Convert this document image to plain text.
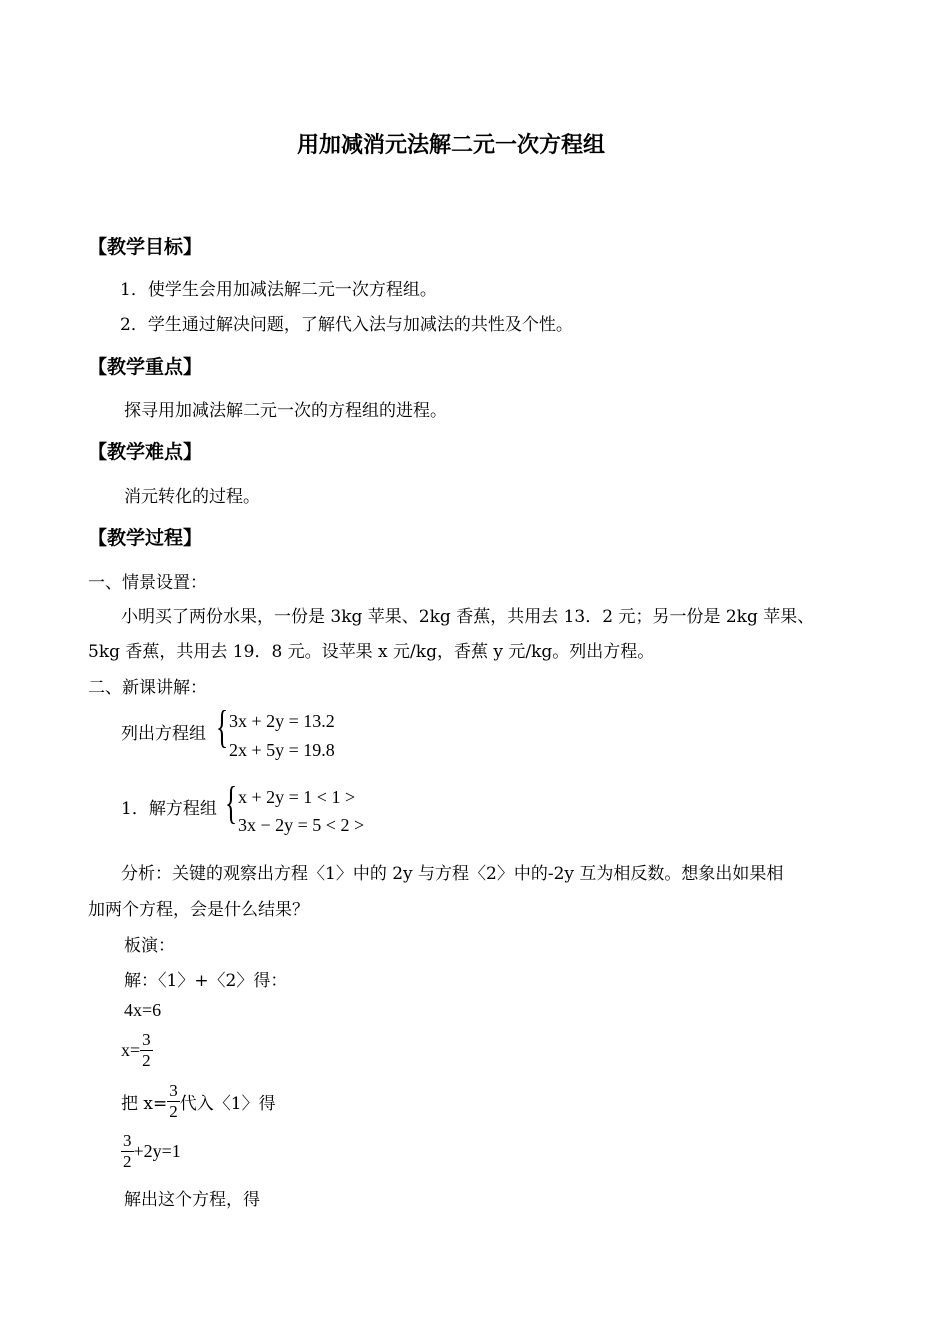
用加减消元法解二元一次方程组
【教学目标】
1．使学生会用加减法解二元一次方程组。
2．学生通过解决问题，了解代入法与加减法的共性及个性。
【教学重点】
探寻用加减法解二元一次的方程组的进程。
【教学难点】
消元转化的过程。
【教学过程】
一、情景设置：
小明买了两份水果，一份是 3kg 苹果、2kg 香蕉，共用去 13．2 元；另一份是 2kg 苹果、
5kg 香蕉，共用去 19．8 元。设苹果 x 元/kg，香蕉 y 元/kg。列出方程。
二、新课讲解：
列出方程组 { 3x + 2y = 13.2
2x + 5y = 19.8
1．解方程组 { x + 2y = 1 < 1 >
3x − 2y = 5 < 2 >
分析：关键的观察出方程〈1〉中的 2y 与方程〈2〉中的-2y 互为相反数。想象出如果相
加两个方程，会是什么结果？
板演：
解：〈1〉+〈2〉得：
4x=6
$x= \frac{3}{2}$
把 $x= \frac{3}{2}$ 代入〈1〉得
$\frac{3}{2} +2y=1$
解出这个方程，得
